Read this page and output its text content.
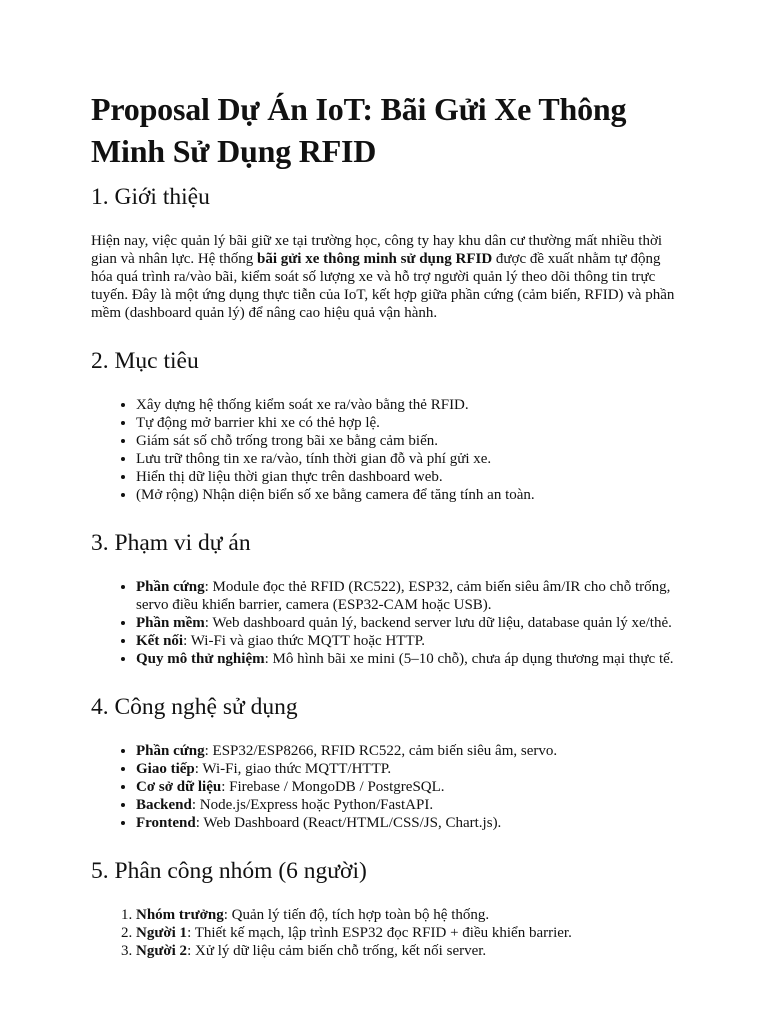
Proposal Dự Án IoT: Bãi Gửi Xe Thông Minh Sử Dụng RFID
1. Giới thiệu

Hiện nay, việc quản lý bãi giữ xe tại trường học, công ty hay khu dân cư thường mất nhiều thời gian và nhân lực. Hệ thống bãi gửi xe thông minh sử dụng RFID được đề xuất nhằm tự động hóa quá trình ra/vào bãi, kiểm soát số lượng xe và hỗ trợ người quản lý theo dõi thông tin trực tuyến. Đây là một ứng dụng thực tiễn của IoT, kết hợp giữa phần cứng (cảm biến, RFID) và phần mềm (dashboard quản lý) để nâng cao hiệu quả vận hành.

2. Mục tiêu
• Xây dựng hệ thống kiểm soát xe ra/vào bằng thẻ RFID.
• Tự động mở barrier khi xe có thẻ hợp lệ.
• Giám sát số chỗ trống trong bãi xe bằng cảm biến.
• Lưu trữ thông tin xe ra/vào, tính thời gian đỗ và phí gửi xe.
• Hiển thị dữ liệu thời gian thực trên dashboard web.
• (Mở rộng) Nhận diện biển số xe bằng camera để tăng tính an toàn.
3. Phạm vi dự án
• Phần cứng: Module đọc thẻ RFID (RC522), ESP32, cảm biến siêu âm/IR cho chỗ trống, servo điều khiển barrier, camera (ESP32-CAM hoặc USB).
• Phần mềm: Web dashboard quản lý, backend server lưu dữ liệu, database quản lý xe/thẻ.
• Kết nối: Wi-Fi và giao thức MQTT hoặc HTTP.
• Quy mô thử nghiệm: Mô hình bãi xe mini (5–10 chỗ), chưa áp dụng thương mại thực tế.
4. Công nghệ sử dụng
• Phần cứng: ESP32/ESP8266, RFID RC522, cảm biến siêu âm, servo.
• Giao tiếp: Wi-Fi, giao thức MQTT/HTTP.
• Cơ sở dữ liệu: Firebase / MongoDB / PostgreSQL.
• Backend: Node.js/Express hoặc Python/FastAPI.
• Frontend: Web Dashboard (React/HTML/CSS/JS, Chart.js).
5. Phân công nhóm (6 người)
1. Nhóm trưởng: Quản lý tiến độ, tích hợp toàn bộ hệ thống.
2. Người 1: Thiết kế mạch, lập trình ESP32 đọc RFID + điều khiển barrier.
3. Người 2: Xử lý dữ liệu cảm biến chỗ trống, kết nối server.
